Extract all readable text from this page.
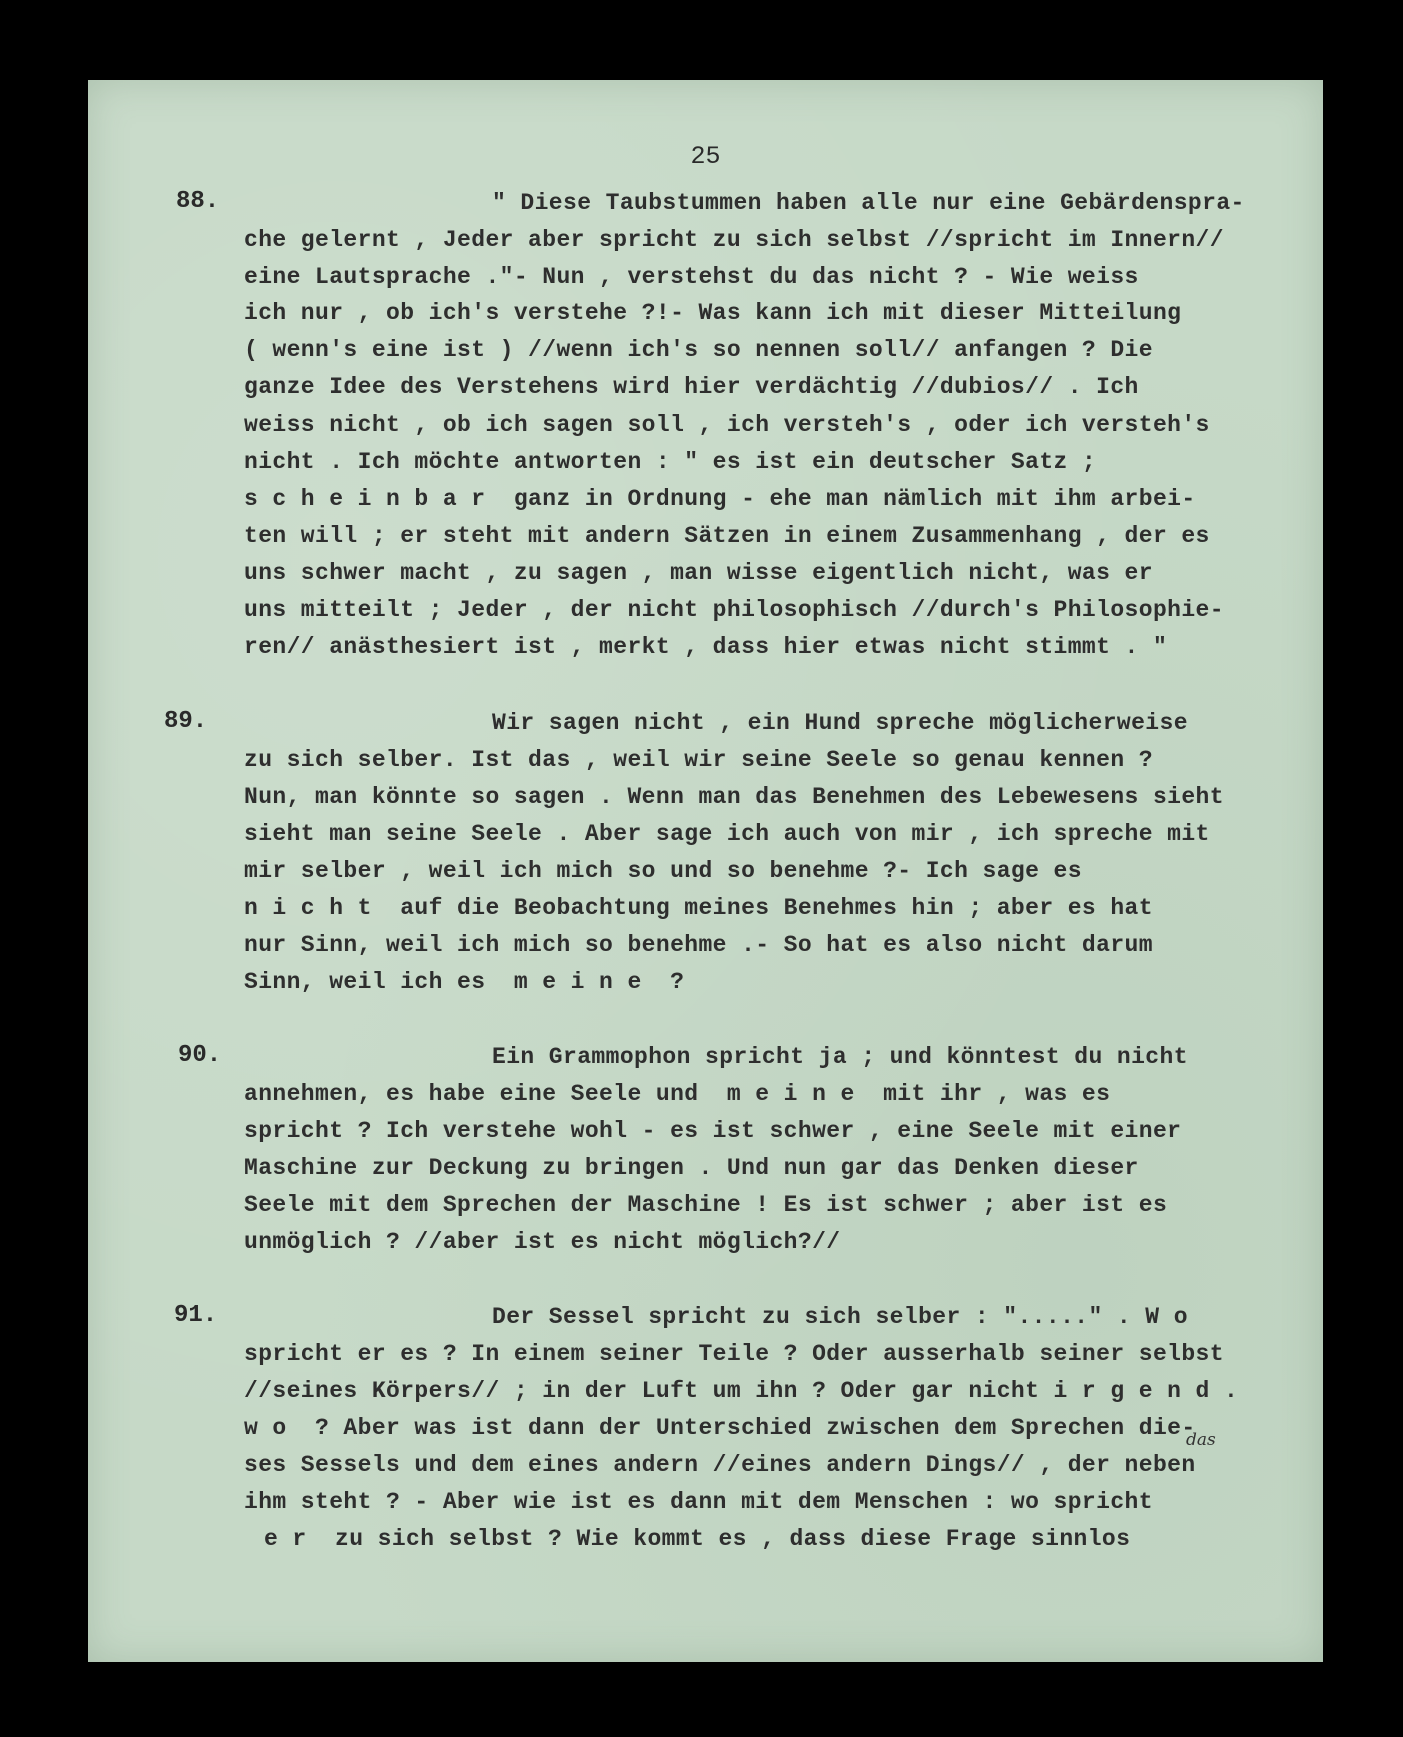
25
88.	" Diese Taubstummen haben alle nur eine Gebärdenspra-
che gelernt , Jeder aber spricht zu sich selbst //spricht im Innern//
eine Lautsprache ."- Nun , verstehst du das nicht ? - Wie weiss
ich nur , ob ich's verstehe ?!- Was kann ich mit dieser Mitteilung
( wenn's eine ist ) //wenn ich's so nennen soll// anfangen ? Die
ganze Idee des Verstehens wird hier verdächtig //dubios// . Ich
weiss nicht , ob ich sagen soll , ich versteh's , oder ich versteh's
nicht . Ich möchte antworten : " es ist ein deutscher Satz ;
s c h e i n b a r  ganz in Ordnung - ehe man nämlich mit ihm arbei-
ten will ; er steht mit andern Sätzen in einem Zusammenhang , der es
uns schwer macht , zu sagen , man wisse eigentlich nicht, was er
uns mitteilt ; Jeder , der nicht philosophisch //durch's Philosophie-
ren// anästhesiert ist , merkt , dass hier etwas nicht stimmt . "
89.	Wir sagen nicht , ein Hund spreche möglicherweise
zu sich selber. Ist das , weil wir seine Seele so genau kennen ?
Nun, man könnte so sagen . Wenn man das Benehmen des Lebewesens sieht
sieht man seine Seele . Aber sage ich auch von mir , ich spreche mit
mir selber , weil ich mich so und so benehme ?- Ich sage es
n i c h t  auf die Beobachtung meines Benehmes hin ; aber es hat
nur Sinn, weil ich mich so benehme .- So hat es also nicht darum
Sinn, weil ich es  m e i n e  ?
90.	Ein Grammophon spricht ja ; und könntest du nicht
annehmen, es habe eine Seele und  m e i n e  mit ihr , was es
spricht ? Ich verstehe wohl - es ist schwer , eine Seele mit einer
Maschine zur Deckung zu bringen . Und nun gar das Denken dieser
Seele mit dem Sprechen der Maschine ! Es ist schwer ; aber ist es
unmöglich ? //aber ist es nicht möglich?//
91.	Der Sessel spricht zu sich selber : "....." . W o
spricht er es ? In einem seiner Teile ? Oder ausserhalb seiner selbst
//seines Körpers// ; in der Luft um ihn ? Oder gar nicht i r g e n d .
w o  ? Aber was ist dann der Unterschied zwischen dem Sprechen die-
das
ses Sessels und dem eines andern //eines andern Dings// , der neben
ihm steht ? - Aber wie ist es dann mit dem Menschen : wo spricht
e r  zu sich selbst ? Wie kommt es , dass diese Frage sinnlos
